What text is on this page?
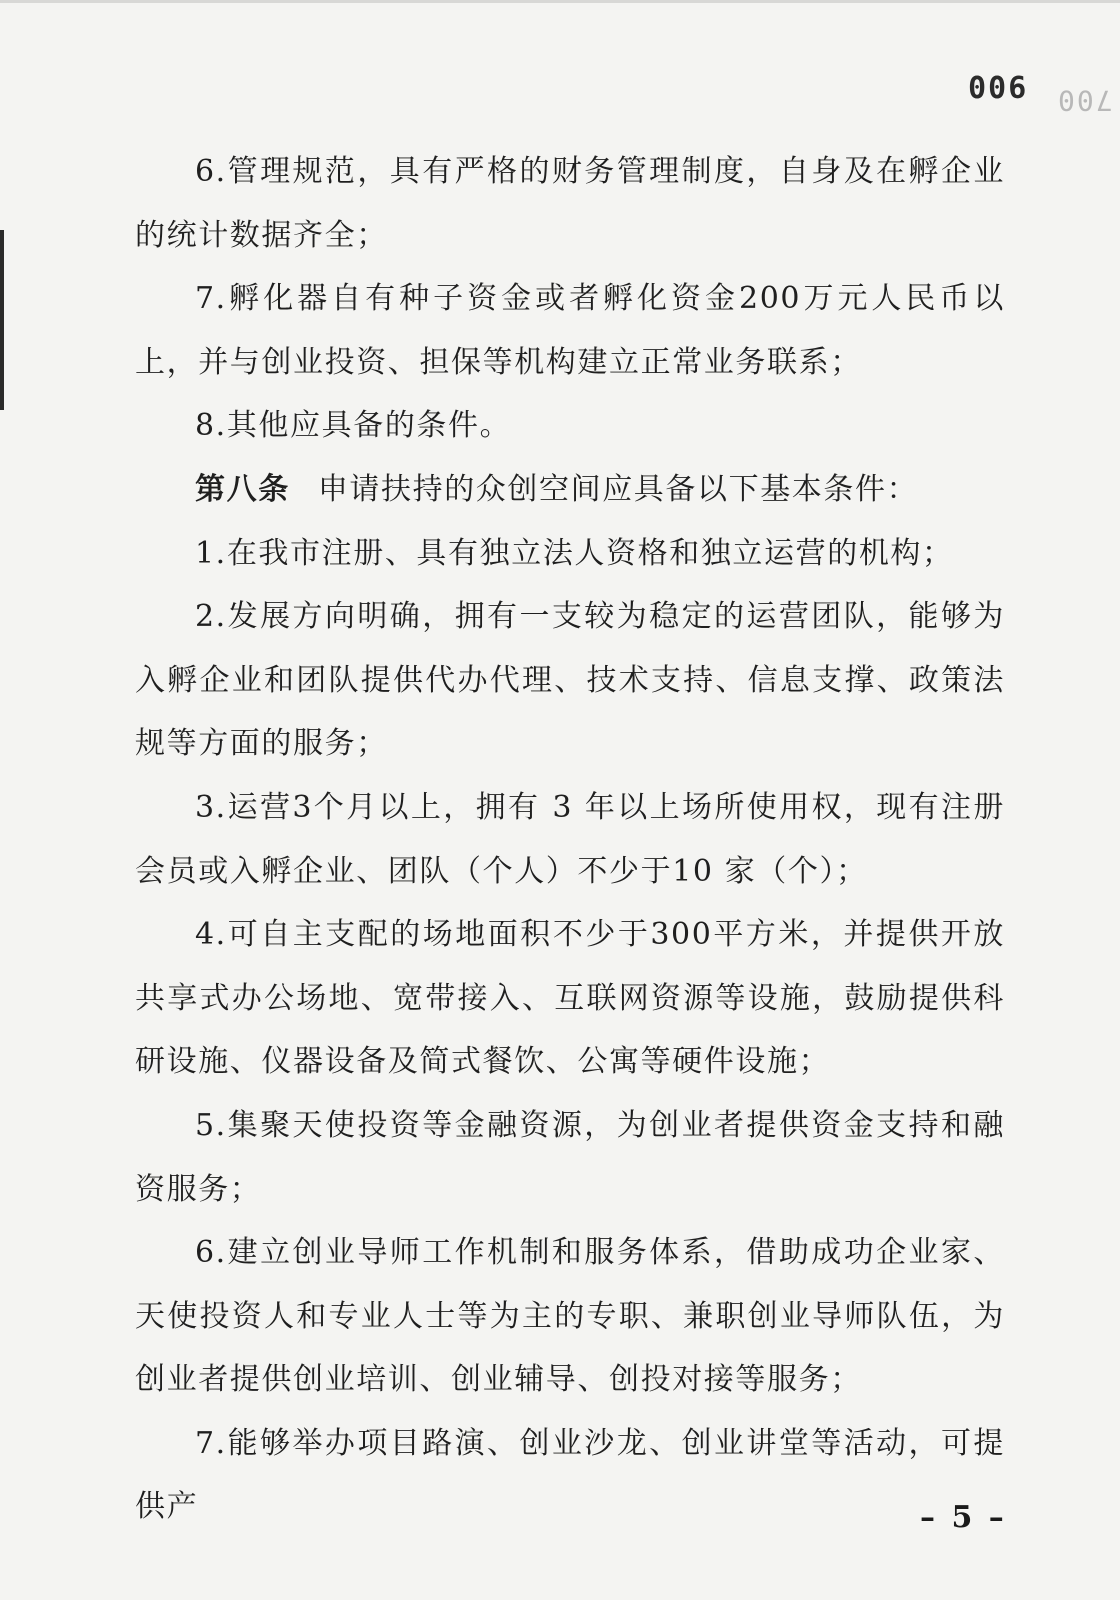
900 700

6.管理规范，具有严格的财务管理制度，自身及在孵企业的统计数据齐全；

7.孵化器自有种子资金或者孵化资金200万元人民币以上，并与创业投资、担保等机构建立正常业务联系；

8.其他应具备的条件。

第八条 申请扶持的众创空间应具备以下基本条件：

1.在我市注册、具有独立法人资格和独立运营的机构；

2.发展方向明确，拥有一支较为稳定的运营团队，能够为入孵企业和团队提供代办代理、技术支持、信息支撑、政策法规等方面的服务；

3.运营3个月以上，拥有 3 年以上场所使用权，现有注册会员或入孵企业、团队（个人）不少于10 家（个）；

4.可自主支配的场地面积不少于300平方米，并提供开放共享式办公场地、宽带接入、互联网资源等设施，鼓励提供科研设施、仪器设备及简式餐饮、公寓等硬件设施；

5.集聚天使投资等金融资源，为创业者提供资金支持和融资服务；

6.建立创业导师工作机制和服务体系，借助成功企业家、天使投资人和专业人士等为主的专职、兼职创业导师队伍，为创业者提供创业培训、创业辅导、创投对接等服务；

7.能够举办项目路演、创业沙龙、创业讲堂等活动，可提供产	– 5 –
